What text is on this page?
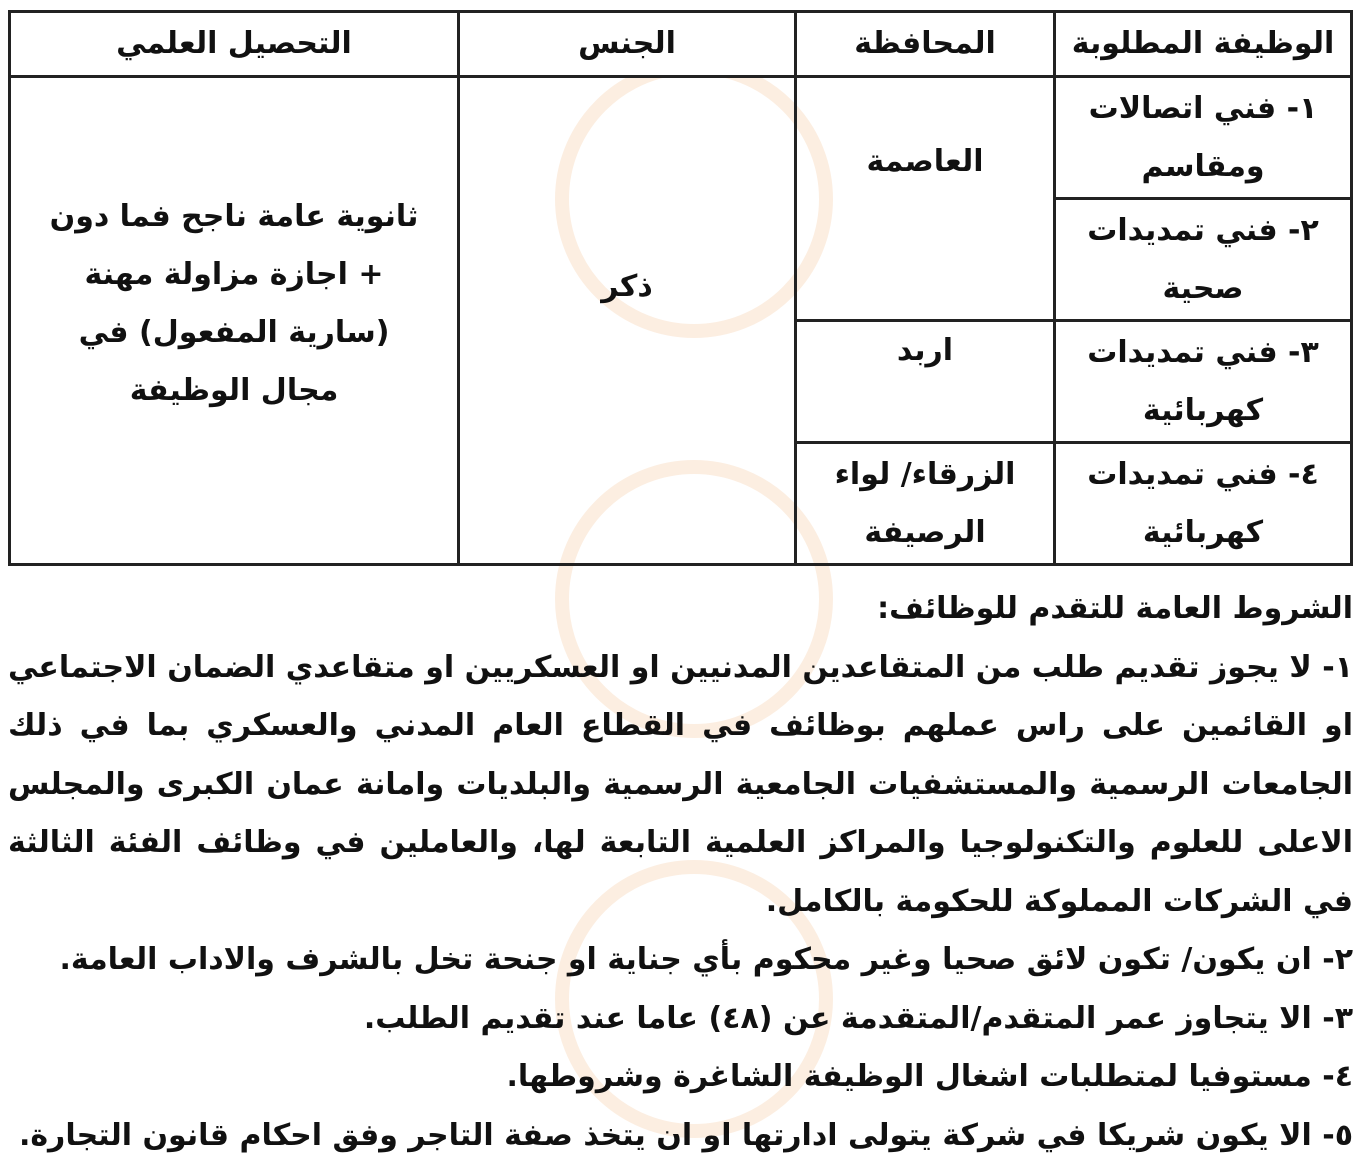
الوظيفة المطلوبة	المحافظة	الجنس	التحصيل العلمي
١- فني اتصالات ومقاسم	العاصمة	ذكر	ثانوية عامة ناجح فما دون + اجازة مزاولة مهنة (سارية المفعول) في مجال الوظيفة
٢- فني تمديدات صحية			
٣- فني تمديدات كهربائية	اربد		
٤- فني تمديدات كهربائية	الزرقاء/ لواء الرصيفة		

الشروط العامة للتقدم للوظائف:

١- لا يجوز تقديم طلب من المتقاعدين المدنيين او العسكريين او متقاعدي الضمان الاجتماعي او القائمين على راس عملهم بوظائف في القطاع العام المدني والعسكري بما في ذلك الجامعات الرسمية والمستشفيات الجامعية الرسمية والبلديات وامانة عمان الكبرى والمجلس الاعلى للعلوم والتكنولوجيا والمراكز العلمية التابعة لها، والعاملين في وظائف الفئة الثالثة في الشركات المملوكة للحكومة بالكامل.

٢- ان يكون/ تكون لائق صحيا وغير محكوم بأي جناية او جنحة تخل بالشرف والاداب العامة.

٣- الا يتجاوز عمر المتقدم/المتقدمة عن (٤٨) عاما عند تقديم الطلب.

٤- مستوفيا لمتطلبات اشغال الوظيفة الشاغرة وشروطها.

٥- الا يكون شريكا في شركة يتولى ادارتها او ان يتخذ صفة التاجر وفق احكام قانون التجارة.
